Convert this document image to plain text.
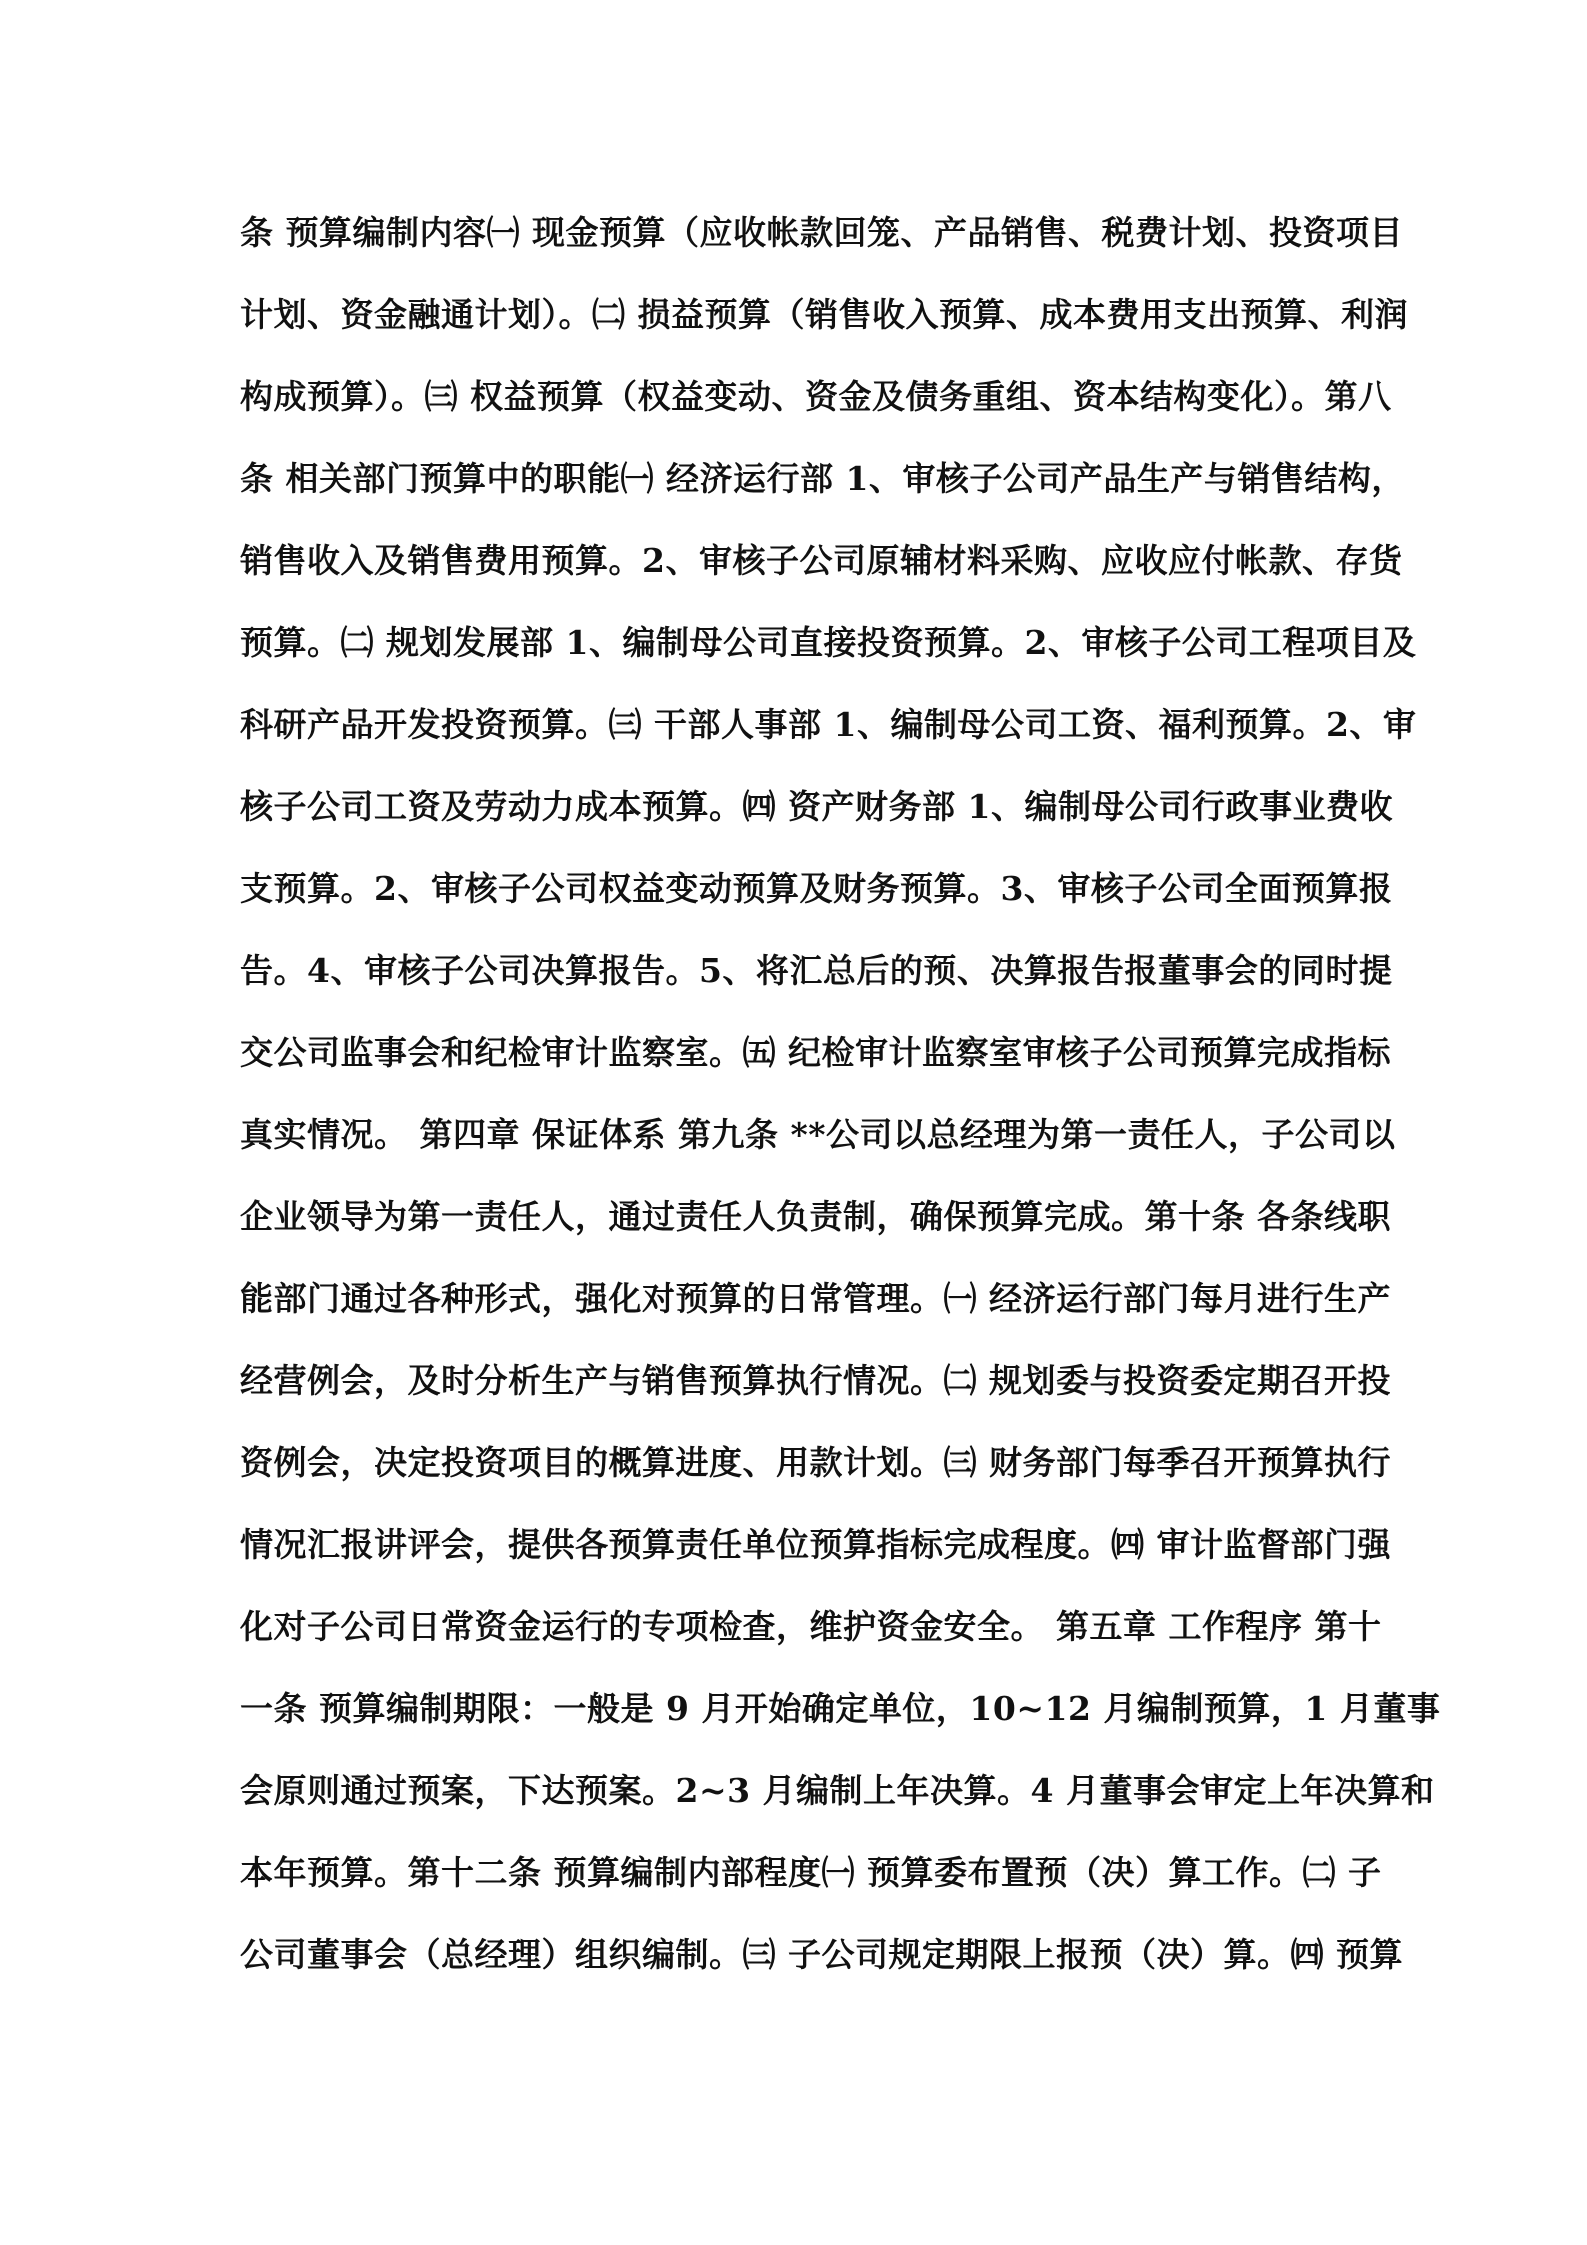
条 预算编制内容㈠ 现金预算（应收帐款回笼、产品销售、税费计划、投资项目
计划、资金融通计划）。㈡ 损益预算（销售收入预算、成本费用支出预算、利润
构成预算）。㈢ 权益预算（权益变动、资金及债务重组、资本结构变化）。第八
条 相关部门预算中的职能㈠ 经济运行部 1、审核子公司产品生产与销售结构，
销售收入及销售费用预算。2、审核子公司原辅材料采购、应收应付帐款、存货
预算。㈡ 规划发展部 1、编制母公司直接投资预算。2、审核子公司工程项目及
科研产品开发投资预算。㈢ 干部人事部 1、编制母公司工资、福利预算。2、审
核子公司工资及劳动力成本预算。㈣ 资产财务部 1、编制母公司行政事业费收
支预算。2、审核子公司权益变动预算及财务预算。3、审核子公司全面预算报
告。4、审核子公司决算报告。5、将汇总后的预、决算报告报董事会的同时提
交公司监事会和纪检审计监察室。㈤ 纪检审计监察室审核子公司预算完成指标
真实情况。 第四章 保证体系 第九条 **公司以总经理为第一责任人，子公司以
企业领导为第一责任人，通过责任人负责制，确保预算完成。第十条 各条线职
能部门通过各种形式，强化对预算的日常管理。㈠ 经济运行部门每月进行生产
经营例会，及时分析生产与销售预算执行情况。㈡ 规划委与投资委定期召开投
资例会，决定投资项目的概算进度、用款计划。㈢ 财务部门每季召开预算执行
情况汇报讲评会，提供各预算责任单位预算指标完成程度。㈣ 审计监督部门强
化对子公司日常资金运行的专项检查，维护资金安全。 第五章 工作程序 第十
一条 预算编制期限：一般是 9 月开始确定单位，10~12 月编制预算，1 月董事
会原则通过预案，下达预案。2~3 月编制上年决算。4 月董事会审定上年决算和
本年预算。第十二条 预算编制内部程度㈠ 预算委布置预（决）算工作。㈡ 子
公司董事会（总经理）组织编制。㈢ 子公司规定期限上报预（决）算。㈣ 预算
